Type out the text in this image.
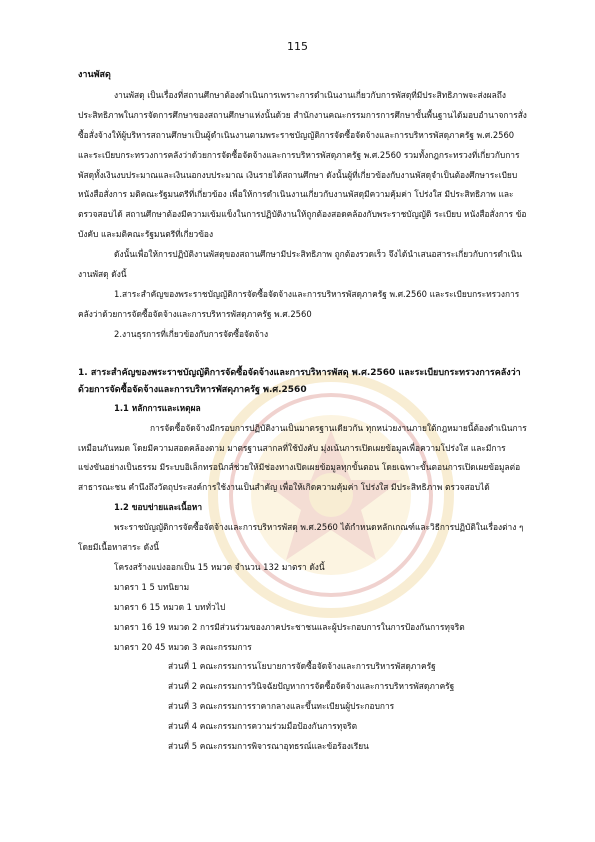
115

งานพัสดุ

งานพัสดุ เป็นเรื่องที่สถานศึกษาต้องดำเนินการเพราะการดำเนินงานเกี่ยวกับการพัสดุที่มีประสิทธิภาพจะส่งผลถึงประสิทธิภาพในการจัดการศึกษาของสถานศึกษาแห่งนั้นด้วย สำนักงานคณะกรรมการการศึกษาขั้นพื้นฐานได้มอบอำนาจการสั่งซื้อสั่งจ้างให้ผู้บริหารสถานศึกษาเป็นผู้ดำเนินงานตามพระราชบัญญัติการจัดซื้อจัดจ้างและการบริหารพัสดุภาครัฐ พ.ศ.2560 และระเบียบกระทรวงการคลังว่าด้วยการจัดซื้อจัดจ้างและการบริหารพัสดุภาครัฐ พ.ศ.2560 รวมทั้งกฎกระทรวงที่เกี่ยวกับการพัสดุทั้งเงินงบประมาณและเงินนอกงบประมาณ เงินรายได้สถานศึกษา ดังนั้นผู้ที่เกี่ยวข้องกับงานพัสดุจำเป็นต้องศึกษาระเบียบ หนังสือสั่งการ มติคณะรัฐมนตรีที่เกี่ยวข้อง เพื่อให้การดำเนินงานเกี่ยวกับงานพัสดุมีความคุ้มค่า โปร่งใส มีประสิทธิภาพ และตรวจสอบได้ สถานศึกษาต้องมีความเข้มแข็งในการปฏิบัติงานให้ถูกต้องสอดคล้องกับพระราชบัญญัติ ระเบียบ หนังสือสั่งการ ข้อบังคับ และมติคณะรัฐมนตรีที่เกี่ยวข้อง

ดังนั้นเพื่อให้การปฏิบัติงานพัสดุของสถานศึกษามีประสิทธิภาพ ถูกต้องรวดเร็ว จึงได้นำเสนอสาระเกี่ยวกับการดำเนินงานพัสดุ ดังนี้

1.สาระสำคัญของพระราชบัญญัติการจัดซื้อจัดจ้างและการบริหารพัสดุภาครัฐ พ.ศ.2560 และระเบียบกระทรวงการคลังว่าด้วยการจัดซื้อจัดจ้างและการบริหารพัสดุภาครัฐ พ.ศ.2560

2.งานธุรการที่เกี่ยวข้องกับการจัดซื้อจัดจ้าง

1. สาระสำคัญของพระราชบัญญัติการจัดซื้อจัดจ้างและการบริหารพัสดุ พ.ศ.2560 และระเบียบกระทรวงการคลังว่าด้วยการจัดซื้อจัดจ้างและการบริหารพัสดุภาครัฐ พ.ศ.2560

1.1 หลักการและเหตุผล

การจัดซื้อจัดจ้างมีกรอบการปฏิบัติงานเป็นมาตรฐานเดียวกัน ทุกหน่วยงานภายใต้กฎหมายนี้ต้องดำเนินการเหมือนกันหมด โดยมีความสอดคล้องตาม มาตรฐานสากลที่ใช้บังคับ มุ่งเน้นการเปิดเผยข้อมูลเพื่อความโปร่งใส และมีการแข่งขันอย่างเป็นธรรม มีระบบอิเล็กทรอนิกส์ช่วยให้มีช่องทางเปิดเผยข้อมูลทุกขั้นตอน โดยเฉพาะขั้นตอนการเปิดเผยข้อมูลต่อสาธารณะชน คำนึงถึงวัตถุประสงค์การใช้งานเป็นสำคัญ เพื่อให้เกิดความคุ้มค่า โปร่งใส มีประสิทธิภาพ ตรวจสอบได้

1.2 ขอบข่ายและเนื้อหา

พระราชบัญญัติการจัดซื้อจัดจ้างและการบริหารพัสดุ พ.ศ.2560 ได้กำหนดหลักเกณฑ์และวิธีการปฏิบัติในเรื่องต่าง ๆ โดยมีเนื้อหาสาระ ดังนี้

โครงสร้างแบ่งออกเป็น 15 หมวด จำนวน 132 มาตรา ดังนี้

มาตรา 1 5 บทนิยาม

มาตรา 6 15 หมวด 1 บททั่วไป

มาตรา 16 19 หมวด 2 การมีส่วนร่วมของภาคประชาชนและผู้ประกอบการในการป้องกันการทุจริต

มาตรา 20 45 หมวด 3 คณะกรรมการ

ส่วนที่ 1 คณะกรรมการนโยบายการจัดซื้อจัดจ้างและการบริหารพัสดุภาครัฐ

ส่วนที่ 2 คณะกรรมการวินิจฉัยปัญหาการจัดซื้อจัดจ้างและการบริหารพัสดุภาครัฐ

ส่วนที่ 3 คณะกรรมการราคากลางและขึ้นทะเบียนผู้ประกอบการ

ส่วนที่ 4 คณะกรรมการความร่วมมือป้องกันการทุจริต

ส่วนที่ 5 คณะกรรมการพิจารณาอุทธรณ์และข้อร้องเรียน
